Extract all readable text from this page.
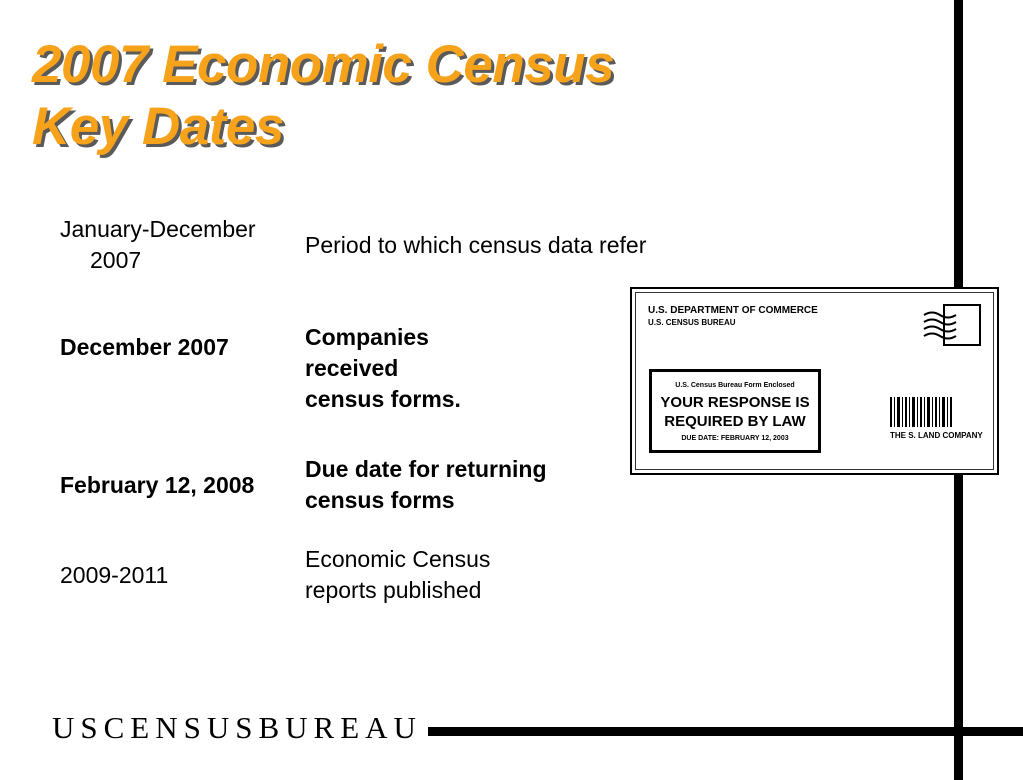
2007 Economic Census
Key Dates
January-December 2007
Period to which census data refer
December 2007	Companies received census forms.
February 12, 2008
Due date for returning census forms
2009-2011
Economic Census reports published
U.S. DEPARTMENT OF COMMERCE
U.S. CENSUS BUREAU
U.S. Census Bureau Form Enclosed
YOUR RESPONSE IS
REQUIRED BY LAW
DUE DATE: FEBRUARY 12, 2003	THE S. LAND COMPANY
USCENSUSBUREAU
